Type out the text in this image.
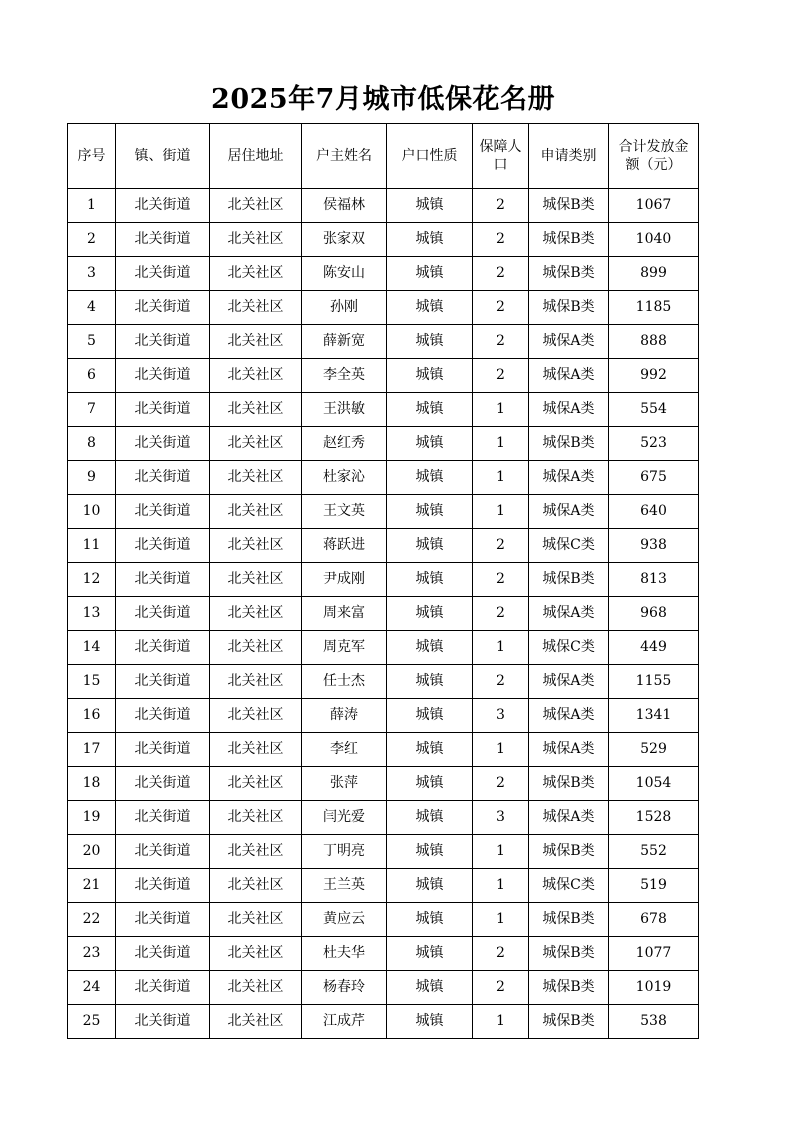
2025年7月城市低保花名册
序号	镇、街道	居住地址	户主姓名	户口性质	保障人口	申请类别	合计发放金额（元）
1	北关街道	北关社区	侯福林	城镇	2	城保B类	1067
2	北关街道	北关社区	张家双	城镇	2	城保B类	1040
3	北关街道	北关社区	陈安山	城镇	2	城保B类	899
4	北关街道	北关社区	孙刚	城镇	2	城保B类	1185
5	北关街道	北关社区	薛新宽	城镇	2	城保A类	888
6	北关街道	北关社区	李全英	城镇	2	城保A类	992
7	北关街道	北关社区	王洪敏	城镇	1	城保A类	554
8	北关街道	北关社区	赵红秀	城镇	1	城保B类	523
9	北关街道	北关社区	杜家沁	城镇	1	城保A类	675
10	北关街道	北关社区	王文英	城镇	1	城保A类	640
11	北关街道	北关社区	蒋跃进	城镇	2	城保C类	938
12	北关街道	北关社区	尹成刚	城镇	2	城保B类	813
13	北关街道	北关社区	周来富	城镇	2	城保A类	968
14	北关街道	北关社区	周克军	城镇	1	城保C类	449
15	北关街道	北关社区	任士杰	城镇	2	城保A类	1155
16	北关街道	北关社区	薛涛	城镇	3	城保A类	1341
17	北关街道	北关社区	李红	城镇	1	城保A类	529
18	北关街道	北关社区	张萍	城镇	2	城保B类	1054
19	北关街道	北关社区	闫光爱	城镇	3	城保A类	1528
20	北关街道	北关社区	丁明亮	城镇	1	城保B类	552
21	北关街道	北关社区	王兰英	城镇	1	城保C类	519
22	北关街道	北关社区	黄应云	城镇	1	城保B类	678
23	北关街道	北关社区	杜夫华	城镇	2	城保B类	1077
24	北关街道	北关社区	杨春玲	城镇	2	城保B类	1019
25	北关街道	北关社区	江成芹	城镇	1	城保B类	538
